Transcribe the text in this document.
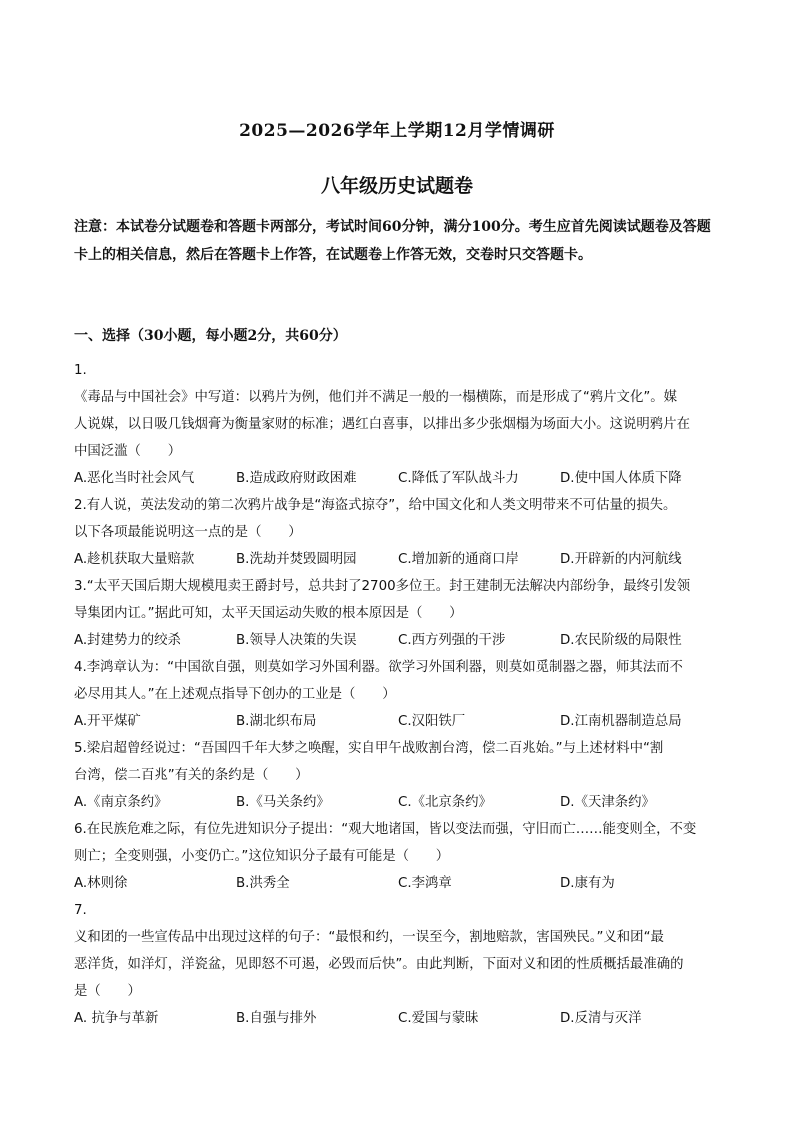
2025—2026学年上学期12月学情调研
八年级历史试题卷
注意：本试卷分试题卷和答题卡两部分，考试时间60分钟，满分100分。考生应首先阅读试题卷及答题卡上的相关信息，然后在答题卡上作答，在试题卷上作答无效，交卷时只交答题卡。
一、选择（30小题，每小题2分，共60分）
1.
《毒品与中国社会》中写道：以鸦片为例，他们并不满足一般的一榻横陈，而是形成了“鸦片文化”。媒
人说媒，以日吸几钱烟膏为衡量家财的标准；遇红白喜事，以排出多少张烟榻为场面大小。这说明鸦片在
中国泛滥（　　）
A.恶化当时社会风气	B.造成政府财政困难	C.降低了军队战斗力	D.使中国人体质下降
2.有人说，英法发动的第二次鸦片战争是“海盗式掠夺”，给中国文化和人类文明带来不可估量的损失。
以下各项最能说明这一点的是（　　）
A.趁机获取大量赔款	B.洗劫并焚毁圆明园	C.增加新的通商口岸	D.开辟新的内河航线
3.“太平天国后期大规模甩卖王爵封号，总共封了2700多位王。封王建制无法解决内部纷争，最终引发领
导集团内讧。”据此可知，太平天国运动失败的根本原因是（　　）
A.封建势力的绞杀	B.领导人决策的失误	C.西方列强的干涉	D.农民阶级的局限性
4.李鸿章认为：“中国欲自强，则莫如学习外国利器。欲学习外国利器，则莫如觅制器之器，师其法而不
必尽用其人。”在上述观点指导下创办的工业是（　　）
A.开平煤矿	B.湖北织布局	C.汉阳铁厂	D.江南机器制造总局
5.梁启超曾经说过：“吾国四千年大梦之唤醒，实自甲午战败割台湾，偿二百兆始。”与上述材料中“割
台湾，偿二百兆”有关的条约是（　　）
A.《南京条约》	B.《马关条约》	C.《北京条约》	D.《天津条约》
6.在民族危难之际，有位先进知识分子提出：“观大地诸国，皆以变法而强，守旧而亡……能变则全，不变
则亡；全变则强，小变仍亡。”这位知识分子最有可能是（　　）
A.林则徐	B.洪秀全	C.李鸿章	D.康有为
7.
义和团的一些宣传品中出现过这样的句子：“最恨和约，一误至今，割地赔款，害国殃民。”义和团“最
恶洋货，如洋灯，洋瓷盆，见即怒不可遏，必毁而后快”。由此判断，下面对义和团的性质概括最准确的
是（　　）
A. 抗争与革新	B.自强与排外	C.爱国与蒙昧	D.反清与灭洋
